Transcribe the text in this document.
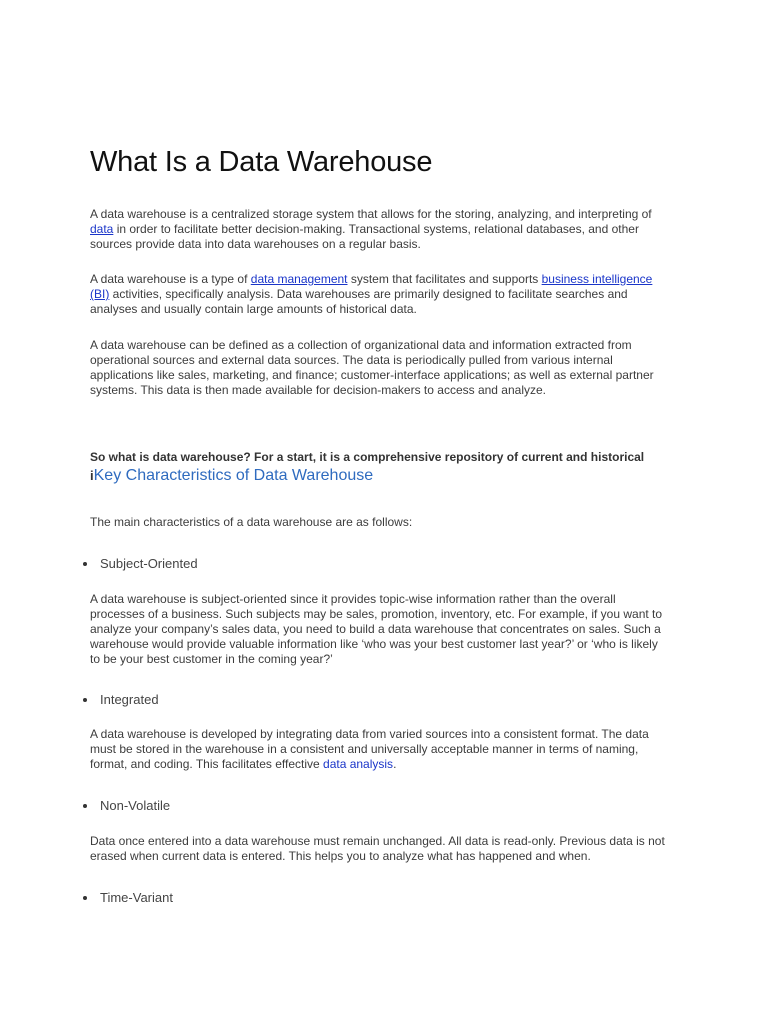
What Is a Data Warehouse

A data warehouse is a centralized storage system that allows for the storing, analyzing, and interpreting of data in order to facilitate better decision-making. Transactional systems, relational databases, and other sources provide data into data warehouses on a regular basis.

A data warehouse is a type of data management system that facilitates and supports business intelligence (BI) activities, specifically analysis. Data warehouses are primarily designed to facilitate searches and analyses and usually contain large amounts of historical data.

A data warehouse can be defined as a collection of organizational data and information extracted from operational sources and external data sources. The data is periodically pulled from various internal applications like sales, marketing, and finance; customer-interface applications; as well as external partner systems. This data is then made available for decision-makers to access and analyze.

So what is data warehouse? For a start, it is a comprehensive repository of current and historical

iKey Characteristics of Data Warehouse

The main characteristics of a data warehouse are as follows:

Subject-Oriented

A data warehouse is subject-oriented since it provides topic-wise information rather than the overall processes of a business. Such subjects may be sales, promotion, inventory, etc. For example, if you want to analyze your company’s sales data, you need to build a data warehouse that concentrates on sales. Such a warehouse would provide valuable information like ‘who was your best customer last year?’ or ‘who is likely to be your best customer in the coming year?’

Integrated

A data warehouse is developed by integrating data from varied sources into a consistent format. The data must be stored in the warehouse in a consistent and universally acceptable manner in terms of naming, format, and coding. This facilitates effective data analysis.

Non-Volatile

Data once entered into a data warehouse must remain unchanged. All data is read-only. Previous data is not erased when current data is entered. This helps you to analyze what has happened and when.

Time-Variant
